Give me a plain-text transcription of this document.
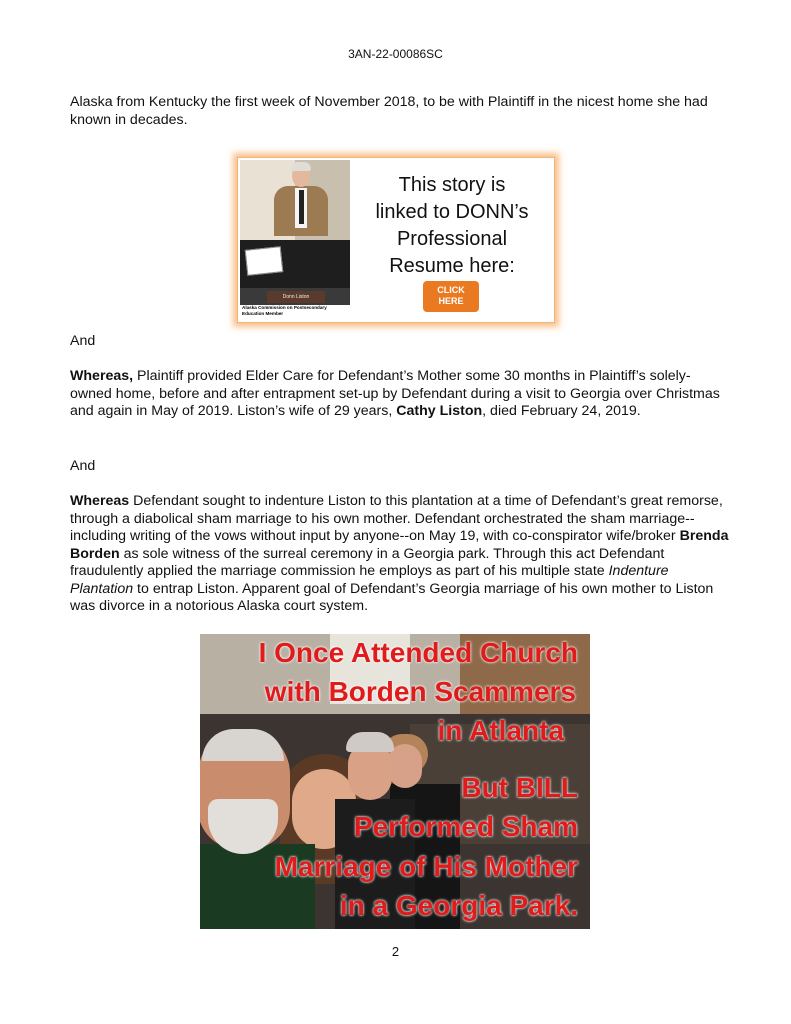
3AN-22-00086SC

Alaska from Kentucky the first week of November 2018, to be with Plaintiff in the nicest home she had known in decades.

Donn Liston
Alaska Commission on Postsecondary
Education Member
This story is
linked to DONN’s
Professional
Resume here:
CLICK
HERE

And

Whereas, Plaintiff provided Elder Care for Defendant’s Mother some 30 months in Plaintiff’s solely-owned home, before and after entrapment set-up by Defendant during a visit to Georgia over Christmas and again in May of 2019. Liston’s wife of 29 years, Cathy Liston, died February 24, 2019.

And

Whereas Defendant sought to indenture Liston to this plantation at a time of Defendant’s great remorse, through a diabolical sham marriage to his own mother. Defendant orchestrated the sham marriage--including writing of the vows without input by anyone--on May 19, with co-conspirator wife/broker Brenda Borden as sole witness of the surreal ceremony in a Georgia park. Through this act Defendant fraudulently applied the marriage commission he employs as part of his multiple state Indenture Plantation to entrap Liston. Apparent goal of Defendant’s Georgia marriage of his own mother to Liston was divorce in a notorious Alaska court system.

I Once Attended Church
with Borden Scammers
in Atlanta
But BILL
Performed Sham
Marriage of His Mother
in a Georgia Park.
2
